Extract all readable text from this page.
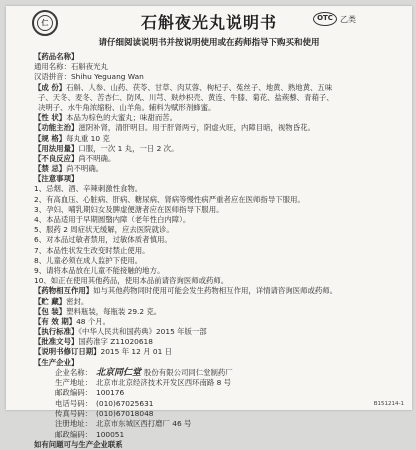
仁	石斛夜光丸说明书	OTC 乙类
请仔细阅读说明书并按说明使用或在药师指导下购买和使用
【药品名称】
通用名称：石斛夜光丸
汉语拼音：Shihu Yeguang Wan
【成 份】石斛、人参、山药、茯苓、甘草、肉苁蓉、枸杞子、菟丝子、地黄、熟地黄、五味
子、天冬、麦冬、苦杏仁、防风、川芎、麸炒枳壳、黄连、牛膝、菊花、盐蒺藜、青葙子、
决明子、水牛角浓缩粉、山羊角。辅料为赋形剂蜂蜜。
【性 状】本品为棕色的大蜜丸；味甜而苦。
【功能主治】滋阴补肾，清肝明目。用于肝肾两亏，阴虚火旺，内障目暗，视物昏花。
【规 格】每丸重 10 克
【用法用量】口服，一次 1 丸，一日 2 次。
【不良反应】尚不明确。
【禁 忌】尚不明确。
【注意事项】
1、忌烟、酒、辛辣刺激性食物。
2、有高血压、心脏病、肝病、糖尿病、肾病等慢性病严重者应在医师指导下服用。
3、孕妇、哺乳期妇女及脾虚便溏者应在医师指导下服用。
4、本品适用于早期圆翳内障（老年性白内障）。
5、服药 2 周症状无缓解，应去医院就诊。
6、对本品过敏者禁用，过敏体质者慎用。
7、本品性状发生改变时禁止使用。
8、儿童必须在成人监护下使用。
9、请将本品放在儿童不能接触的地方。
10、如正在使用其他药品，使用本品前请咨询医师或药师。
【药物相互作用】如与其他药物同时使用可能会发生药物相互作用，详情请咨询医师或药师。
【贮 藏】密封。
【包 装】塑料瓶装，每瓶装 29.2 克。
【有 效 期】48 个月。
【执行标准】《中华人民共和国药典》2015 年版一部
【批准文号】国药准字 Z11020618
【说明书修订日期】2015 年 12 月 01 日
【生产企业】
企业名称： 北京同仁堂 股份有限公司同仁堂制药厂
生产地址： 北京市北京经济技术开发区西环南路 8 号
邮政编码： 100176
电话号码： (010)67025631
传真号码： (010)67018048
注册地址： 北京市东城区西打磨厂 46 号
邮政编码： 100051
如有问题可与生产企业联系
B151214-1
